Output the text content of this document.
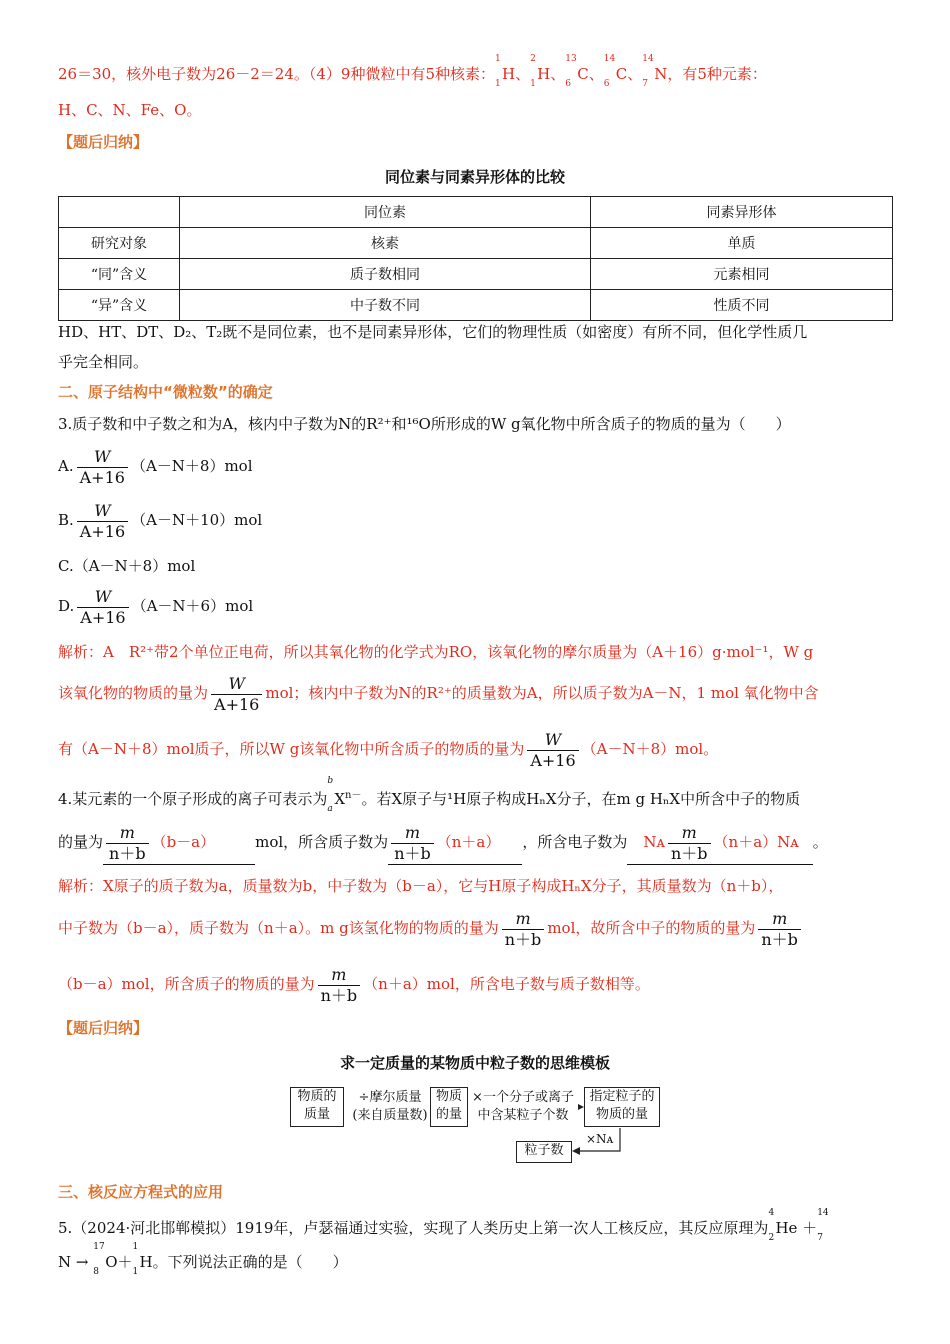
26＝30，核外电子数为26－2＝24。（4）9种微粒中有5种核素：
1
1
H、
2
1
H、
13
6
C、
14
6
C、
14
7
N，有5种元素：
H、C、N、Fe、O。
【题后归纳】
同位素与同素异形体的比较
	同位素	同素异形体
研究对象	核素	单质
“同”含义	质子数相同	元素相同
“异”含义	中子数不同	性质不同
HD、HT、DT、D₂、T₂既不是同位素，也不是同素异形体，它们的物理性质（如密度）有所不同，但化学性质几
乎完全相同。
二、原子结构中“微粒数”的确定
3.质子数和中子数之和为A，核内中子数为N的R²⁺和¹⁶O所形成的W g氧化物中所含质子的物质的量为（　　）
A. $\frac{W}{A+16} (A-N+8)mol$
B. $\frac{W}{A+16} (A-N+10)mol$
C.（A－N＋8）mol
D. $\frac{W}{A+16} (A-N+6)mol$
解析：A　R²⁺带2个单位正电荷，所以其氧化物的化学式为RO，该氧化物的摩尔质量为（A＋16）g·mol⁻¹，W g
该氧化物的物质的量为 $\frac{W}{A+16}$ mol；核内中子数为N的R²⁺的质量数为A，所以质子数为A－N，1 mol 氧化物中含
有（A－N＋8）mol质子，所以W g该氧化物中所含质子的物质的量为 $\frac{W}{A+16} (A-N+8)mol$。
4.某元素的一个原子形成的离子可表示为
b
a
$X^{n-}$。若X原子与¹H原子构成HₙX分子，在m g HₙX中所含中子的物质
的量为 $\frac{m}{n+b} (b-a)$	mol，所含质子数为 $\frac{m}{n+b} (n+a)$ ，所含电子数为 Nᴀ $\frac{m}{n+b}$ （n＋a）Nᴀ 。
解析：X原子的质子数为a，质量数为b，中子数为（b－a），它与H原子构成HₙX分子，其质量数为（n＋b），
中子数为（b－a），质子数为（n＋a）。m g该氢化物的物质的量为 $\frac{m}{n+b}$ mol，故所含中子的物质的量为 $\frac{m}{n+b}$
（b－a）mol，所含质子的物质的量为 $\frac{m}{n+b} (n+a)mol$，所含电子数与质子数相等。
【题后归纳】
求一定质量的某物质中粒子数的思维模板
物质的
质量
÷摩尔质量
(来自质量数)
物质
的量
×一个分子或离子
中含某粒子个数
指定粒子的
物质的量
×Nᴀ
粒子数
三、核反应方程式的应用
5.（2024·河北邯郸模拟）1919年，卢瑟福通过实验，实现了人类历史上第一次人工核反应，其反应原理为
4
2
He ＋
14
7
N →
17
8
O＋
1
1
H。下列说法正确的是（　　）
